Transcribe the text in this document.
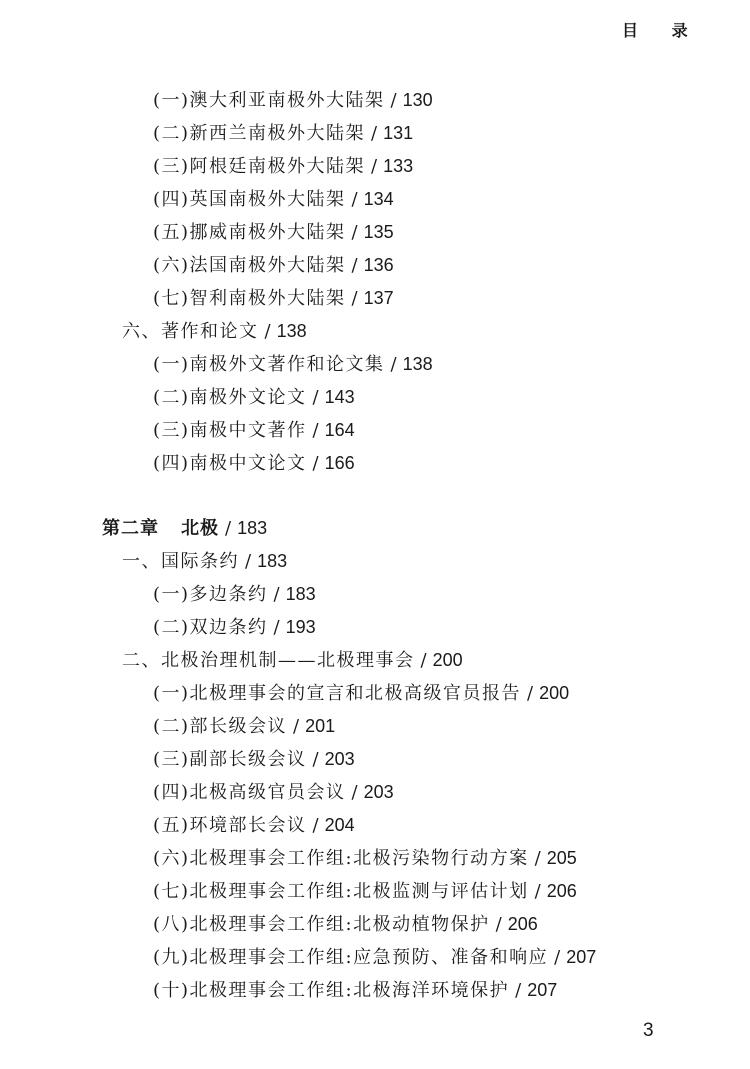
目 录
(一)澳大利亚南极外大陆架 / 130
(二)新西兰南极外大陆架 / 131
(三)阿根廷南极外大陆架 / 133
(四)英国南极外大陆架 / 134
(五)挪威南极外大陆架 / 135
(六)法国南极外大陆架 / 136
(七)智利南极外大陆架 / 137
六、著作和论文 / 138
(一)南极外文著作和论文集 / 138
(二)南极外文论文 / 143
(三)南极中文著作 / 164
(四)南极中文论文 / 166
第二章 北极 / 183
一、国际条约 / 183
(一)多边条约 / 183
(二)双边条约 / 193
二、北极治理机制——北极理事会 / 200
(一)北极理事会的宣言和北极高级官员报告 / 200
(二)部长级会议 / 201
(三)副部长级会议 / 203
(四)北极高级官员会议 / 203
(五)环境部长会议 / 204
(六)北极理事会工作组:北极污染物行动方案 / 205
(七)北极理事会工作组:北极监测与评估计划 / 206
(八)北极理事会工作组:北极动植物保护 / 206
(九)北极理事会工作组:应急预防、准备和响应 / 207
(十)北极理事会工作组:北极海洋环境保护 / 207
3
